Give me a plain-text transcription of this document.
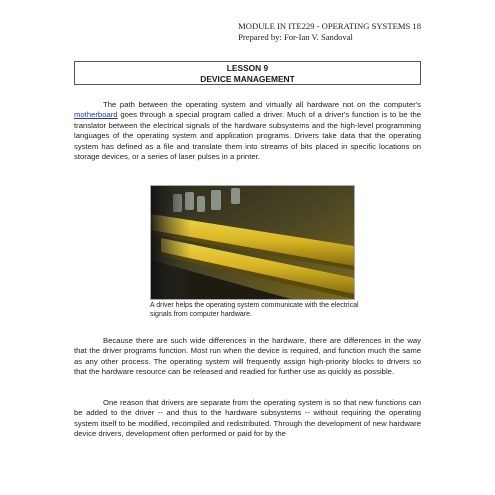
MODULE IN ITE229 - OPERATING SYSTEMS 18
Prepared by: For-Ian V. Sandoval
LESSON 9
DEVICE MANAGEMENT

The path between the operating system and virtually all hardware not on the computer's motherboard goes through a special program called a driver. Much of a driver's function is to be the translator between the electrical signals of the hardware subsystems and the high-level programming languages of the operating system and application programs. Drivers take data that the operating system has defined as a file and translate them into streams of bits placed in specific locations on storage devices, or a series of laser pulses in a printer.

A driver helps the operating system communicate with the electrical signals from computer hardware.

Because there are such wide differences in the hardware, there are differences in the way that the driver programs function. Most run when the device is required, and function much the same as any other process. The operating system will frequently assign high-priority blocks to drivers so that the hardware resource can be released and readied for further use as quickly as possible.

One reason that drivers are separate from the operating system is so that new functions can be added to the driver -- and thus to the hardware subsystems -- without requiring the operating system itself to be modified, recompiled and redistributed. Through the development of new hardware device drivers, development often performed or paid for by the
